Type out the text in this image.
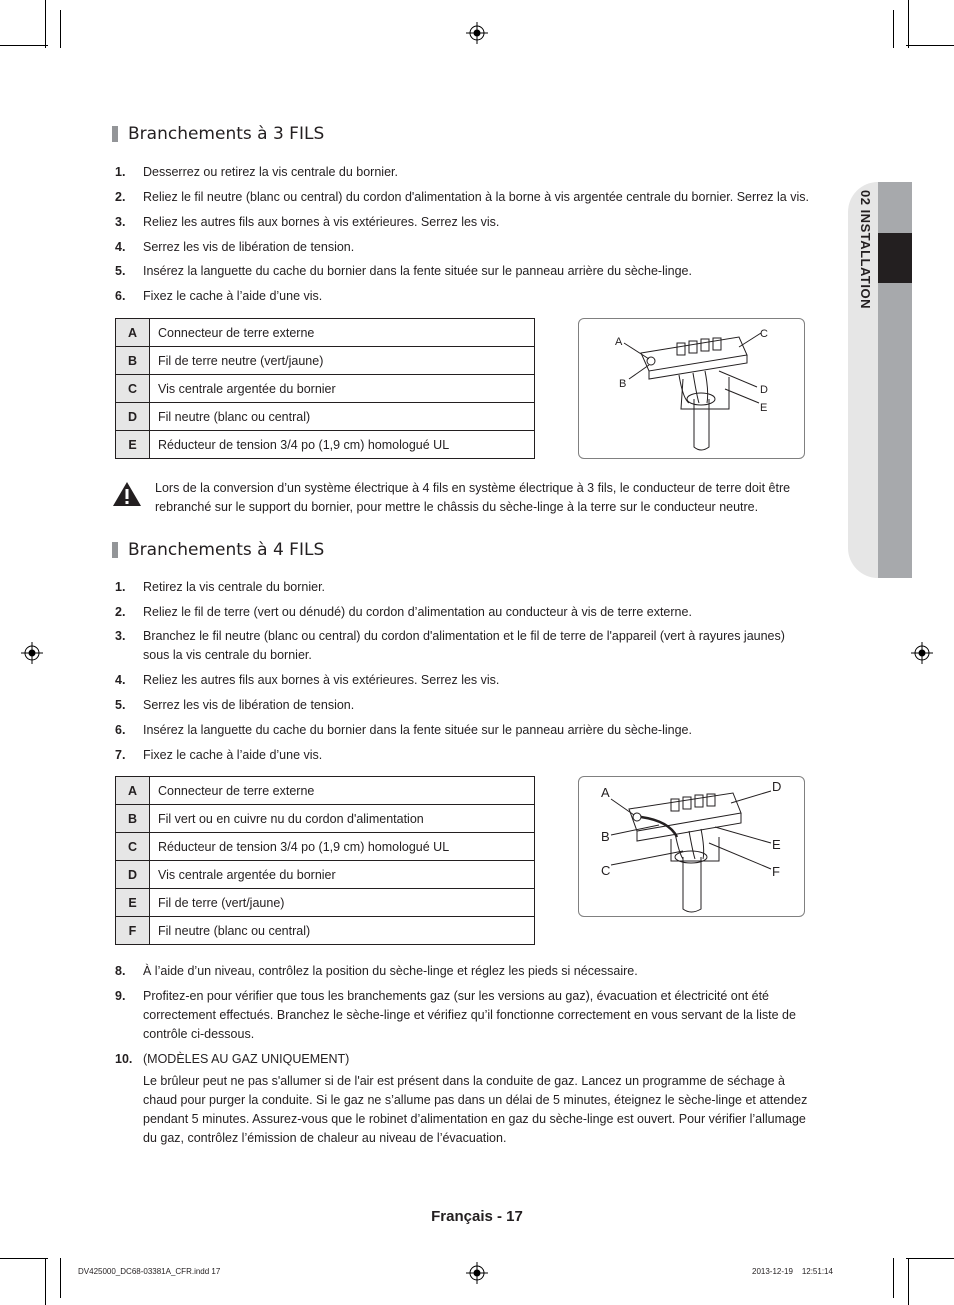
02 INSTALLATION
Branchements à 3 FILS
1. Desserrez ou retirez la vis centrale du bornier.
2. Reliez le fil neutre (blanc ou central) du cordon d'alimentation à la borne à vis argentée centrale du bornier. Serrez la vis.
3. Reliez les autres fils aux bornes à vis extérieures. Serrez les vis.
4. Serrez les vis de libération de tension.
5. Insérez la languette du cache du bornier dans la fente située sur le panneau arrière du sèche-linge.
6. Fixez le cache à l’aide d’une vis.
A	Connecteur de terre externe
B	Fil de terre neutre (vert/jaune)
C	Vis centrale argentée du bornier
D	Fil neutre (blanc ou central)
E	Réducteur de tension 3/4 po (1,9 cm) homologué UL
A
B
C
D
E
Lors de la conversion d’un système électrique à 4 fils en système électrique à 3 fils, le conducteur de terre doit être rebranché sur le support du bornier, pour mettre le châssis du sèche-linge à la terre sur le conducteur neutre.
Branchements à 4 FILS
1. Retirez la vis centrale du bornier.
2. Reliez le fil de terre (vert ou dénudé) du cordon d’alimentation au conducteur à vis de terre externe.
3. Branchez le fil neutre (blanc ou central) du cordon d'alimentation et le fil de terre de l'appareil (vert à rayures jaunes) sous la vis centrale du bornier.
4. Reliez les autres fils aux bornes à vis extérieures. Serrez les vis.
5. Serrez les vis de libération de tension.
6. Insérez la languette du cache du bornier dans la fente située sur le panneau arrière du sèche-linge.
7. Fixez le cache à l’aide d’une vis.
A	Connecteur de terre externe
B	Fil vert ou en cuivre nu du cordon d'alimentation
C	Réducteur de tension 3/4 po (1,9 cm) homologué UL
D	Vis centrale argentée du bornier
E	Fil de terre (vert/jaune)
F	Fil neutre (blanc ou central)
A
B
C
D
E
F
8. À l’aide d’un niveau, contrôlez la position du sèche-linge et réglez les pieds si nécessaire.
9. Profitez-en pour vérifier que tous les branchements gaz (sur les versions au gaz), évacuation et électricité ont été correctement effectués. Branchez le sèche-linge et vérifiez qu’il fonctionne correctement en vous servant de la liste de contrôle ci-dessous.
10. (MODÈLES AU GAZ UNIQUEMENT)
Le brûleur peut ne pas s'allumer si de l'air est présent dans la conduite de gaz. Lancez un programme de séchage à chaud pour purger la conduite. Si le gaz ne s’allume pas dans un délai de 5 minutes, éteignez le sèche-linge et attendez pendant 5 minutes. Assurez-vous que le robinet d’alimentation en gaz du sèche-linge est ouvert. Pour vérifier l’allumage du gaz, contrôlez l’émission de chaleur au niveau de l’évacuation.
Français - 17
DV425000_DC68-03381A_CFR.indd 17	2013-12-19    12:51:14
